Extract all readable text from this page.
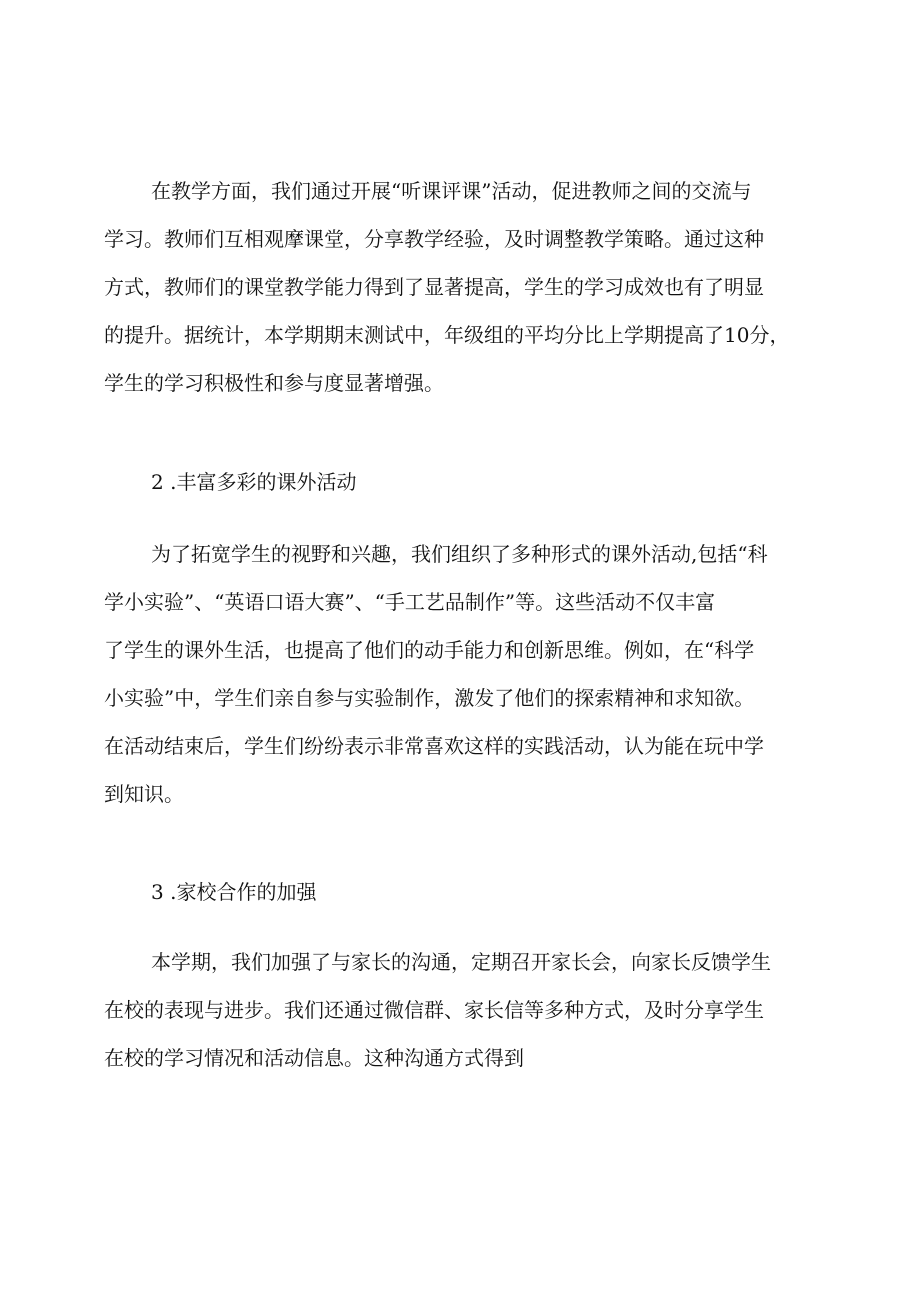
在教学方面，我们通过开展“听课评课”活动，促进教师之间的交流与
学习。教师们互相观摩课堂，分享教学经验，及时调整教学策略。通过这种
方式，教师们的课堂教学能力得到了显著提高，学生的学习成效也有了明显
的提升。据统计，本学期期末测试中，年级组的平均分比上学期提高了10分，
学生的学习积极性和参与度显著增强。

2 .丰富多彩的课外活动

为了拓宽学生的视野和兴趣，我们组织了多种形式的课外活动,包括“科
学小实验”、“英语口语大赛”、“手工艺品制作”等。这些活动不仅丰富
了学生的课外生活，也提高了他们的动手能力和创新思维。例如，在“科学
小实验”中，学生们亲自参与实验制作，激发了他们的探索精神和求知欲。
在活动结束后，学生们纷纷表示非常喜欢这样的实践活动，认为能在玩中学
到知识。

3 .家校合作的加强

本学期，我们加强了与家长的沟通，定期召开家长会，向家长反馈学生
在校的表现与进步。我们还通过微信群、家长信等多种方式，及时分享学生
在校的学习情况和活动信息。这种沟通方式得到
